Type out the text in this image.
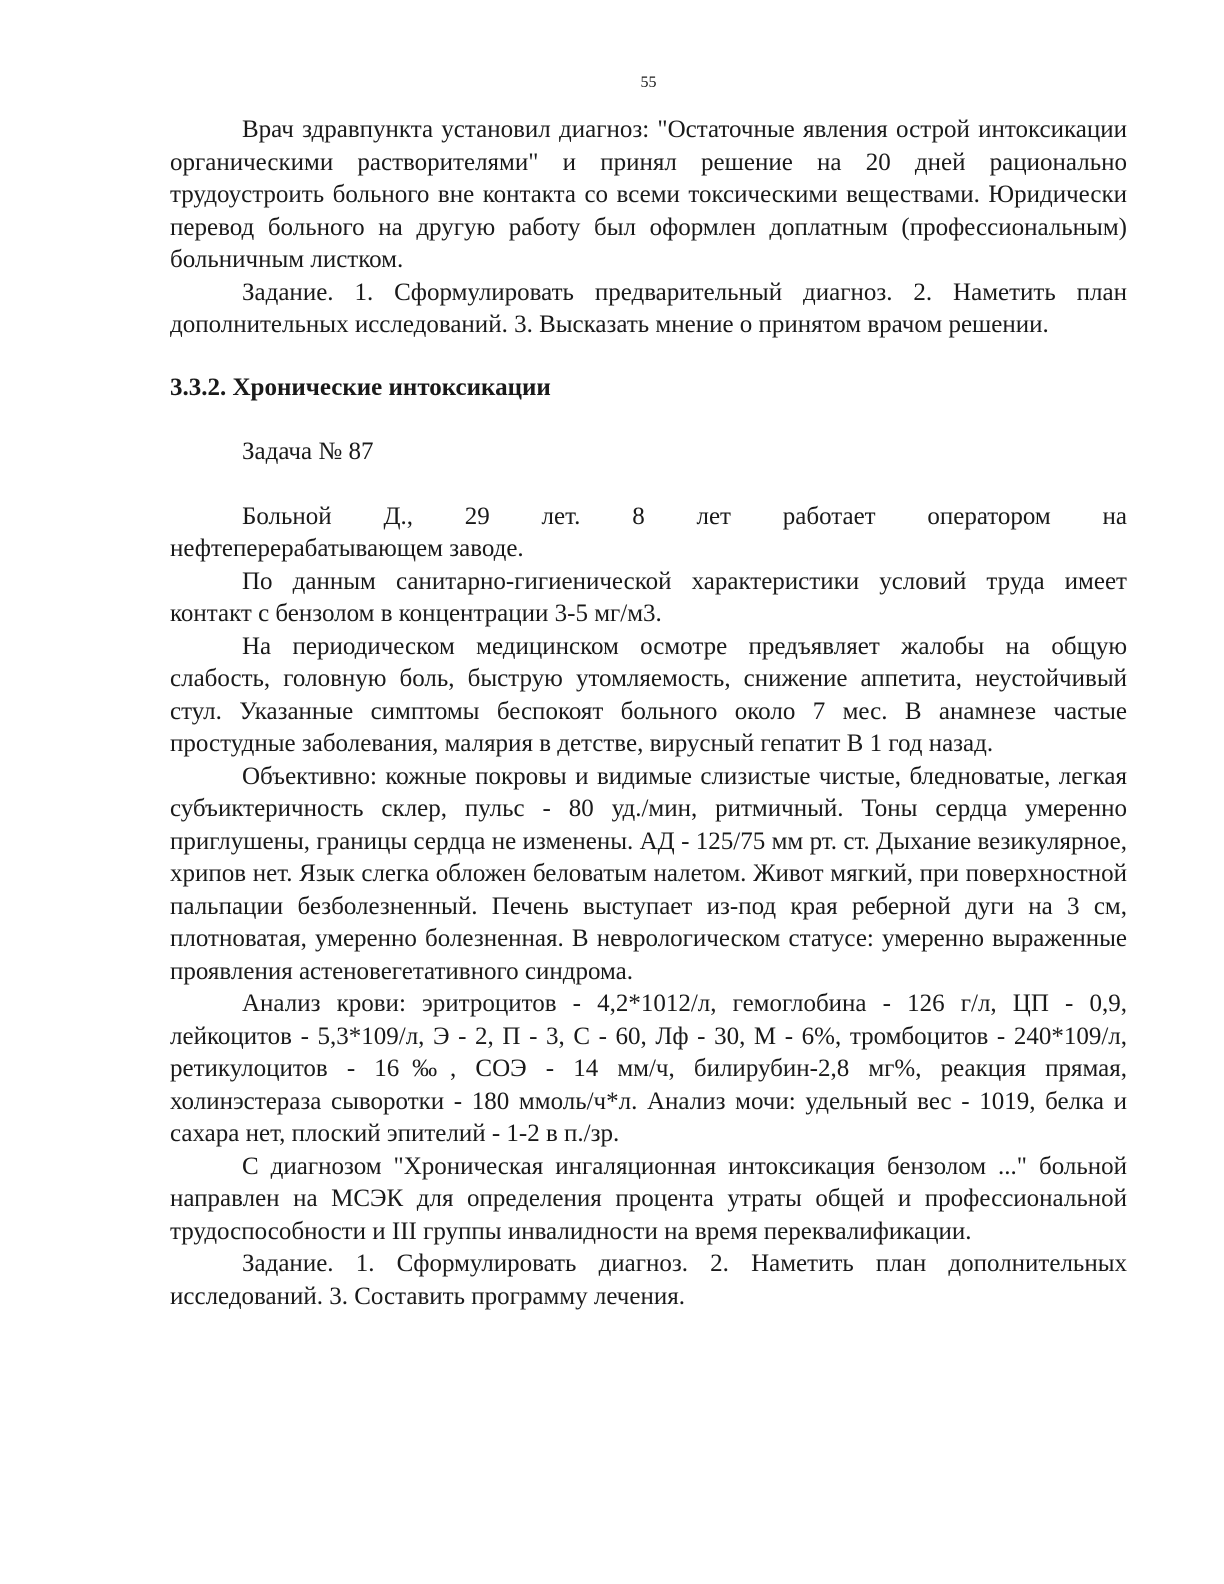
55

Врач здравпункта установил диагноз: "Остаточные явления острой интоксикации органическими растворителями" и принял решение на 20 дней рационально трудоустроить больного вне контакта со всеми токсическими веществами. Юридически перевод больного на другую работу был оформлен доплатным (профессиональным) больничным листком.

Задание. 1. Сформулировать предварительный диагноз. 2. Наметить план дополнительных исследований. 3. Высказать мнение о принятом врачом решении.

3.3.2. Хронические интоксикации

Задача № 87

Больной Д., 29 лет. 8 лет работает оператором на

нефтеперерабатывающем заводе.

По данным санитарно-гигиенической характеристики условий труда имеет контакт с бензолом в концентрации 3-5 мг/м3.

На периодическом медицинском осмотре предъявляет жалобы на общую слабость, головную боль, быструю утомляемость, снижение аппетита, неустойчивый стул. Указанные симптомы беспокоят больного около 7 мес. В анамнезе частые простудные заболевания, малярия в детстве, вирусный гепатит В 1 год назад.

Объективно: кожные покровы и видимые слизистые чистые, бледноватые, легкая субъиктеричность склер, пульс - 80 уд./мин, ритмичный. Тоны сердца умеренно приглушены, границы сердца не изменены. АД - 125/75 мм рт. ст. Дыхание везикулярное, хрипов нет. Язык слегка обложен беловатым налетом. Живот мягкий, при поверхностной пальпации безболезненный. Печень выступает из-под края реберной дуги на 3 см, плотноватая, умеренно болезненная. В неврологическом статусе: умеренно выраженные проявления астеновегетативного синдрома.

Анализ крови: эритроцитов - 4,2*1012/л, гемоглобина - 126 г/л, ЦП - 0,9, лейкоцитов - 5,3*109/л, Э - 2, П - 3, С - 60, Лф - 30, М - 6%, тромбоцитов - 240*109/л, ретикулоцитов - 16‰, СОЭ - 14 мм/ч, билирубин-2,8 мг%, реакция прямая, холинэстераза сыворотки - 180 ммоль/ч*л. Анализ мочи: удельный вес - 1019, белка и сахара нет, плоский эпителий - 1-2 в п./зр.

С диагнозом "Хроническая ингаляционная интоксикация бензолом ..." больной направлен на МСЭК для определения процента утраты общей и профессиональной трудоспособности и III группы инвалидности на время переквалификации.

Задание. 1. Сформулировать диагноз. 2. Наметить план дополнительных исследований. 3. Составить программу лечения.
